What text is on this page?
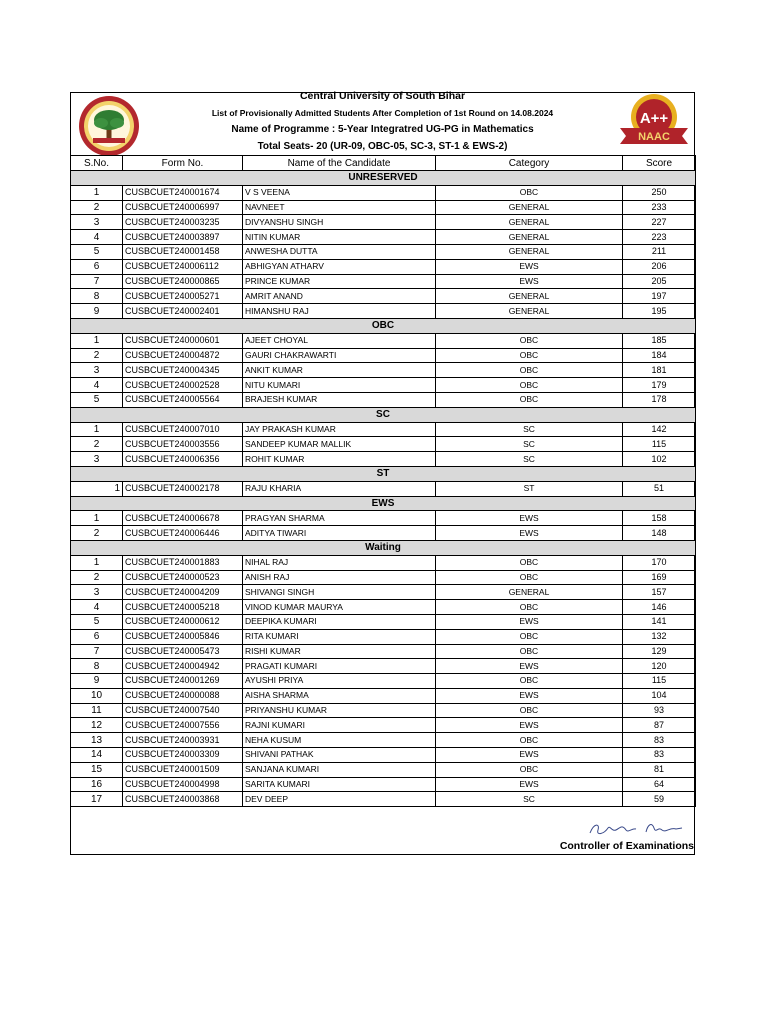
A++
NAAC
Central University of South Bihar
List of Provisionally Admitted Students After Completion of 1st Round on 14.08.2024
Name of Programme : 5-Year Integratred UG-PG in Mathematics
Total Seats- 20 (UR-09, OBC-05, SC-3, ST-1 & EWS-2)
S.No.	Form No.	Name of the Candidate	Category	Score
UNRESERVED				
1	CUSBCUET240001674	V S VEENA	OBC	250
2	CUSBCUET240006997	NAVNEET	GENERAL	233
3	CUSBCUET240003235	DIVYANSHU SINGH	GENERAL	227
4	CUSBCUET240003897	NITIN KUMAR	GENERAL	223
5	CUSBCUET240001458	ANWESHA DUTTA	GENERAL	211
6	CUSBCUET240006112	ABHIGYAN ATHARV	EWS	206
7	CUSBCUET240000865	PRINCE KUMAR	EWS	205
8	CUSBCUET240005271	AMRIT ANAND	GENERAL	197
9	CUSBCUET240002401	HIMANSHU RAJ	GENERAL	195
OBC				
1	CUSBCUET240000601	AJEET CHOYAL	OBC	185
2	CUSBCUET240004872	GAURI CHAKRAWARTI	OBC	184
3	CUSBCUET240004345	ANKIT KUMAR	OBC	181
4	CUSBCUET240002528	NITU KUMARI	OBC	179
5	CUSBCUET240005564	BRAJESH KUMAR	OBC	178
SC				
1	CUSBCUET240007010	JAY PRAKASH KUMAR	SC	142
2	CUSBCUET240003556	SANDEEP KUMAR MALLIK	SC	115
3	CUSBCUET240006356	ROHIT KUMAR	SC	102
ST				
1	CUSBCUET240002178	RAJU KHARIA	ST	51
EWS				
1	CUSBCUET240006678	PRAGYAN SHARMA	EWS	158
2	CUSBCUET240006446	ADITYA TIWARI	EWS	148
Waiting				
1	CUSBCUET240001883	NIHAL RAJ	OBC	170
2	CUSBCUET240000523	ANISH RAJ	OBC	169
3	CUSBCUET240004209	SHIVANGI SINGH	GENERAL	157
4	CUSBCUET240005218	VINOD KUMAR MAURYA	OBC	146
5	CUSBCUET240000612	DEEPIKA KUMARI	EWS	141
6	CUSBCUET240005846	RITA KUMARI	OBC	132
7	CUSBCUET240005473	RISHI KUMAR	OBC	129
8	CUSBCUET240004942	PRAGATI KUMARI	EWS	120
9	CUSBCUET240001269	AYUSHI PRIYA	OBC	115
10	CUSBCUET240000088	AISHA SHARMA	EWS	104
11	CUSBCUET240007540	PRIYANSHU KUMAR	OBC	93
12	CUSBCUET240007556	RAJNI KUMARI	EWS	87
13	CUSBCUET240003931	NEHA KUSUM	OBC	83
14	CUSBCUET240003309	SHIVANI PATHAK	EWS	83
15	CUSBCUET240001509	SANJANA KUMARI	OBC	81
16	CUSBCUET240004998	SARITA KUMARI	EWS	64
17	CUSBCUET240003868	DEV DEEP	SC	59
Controller of Examinations
